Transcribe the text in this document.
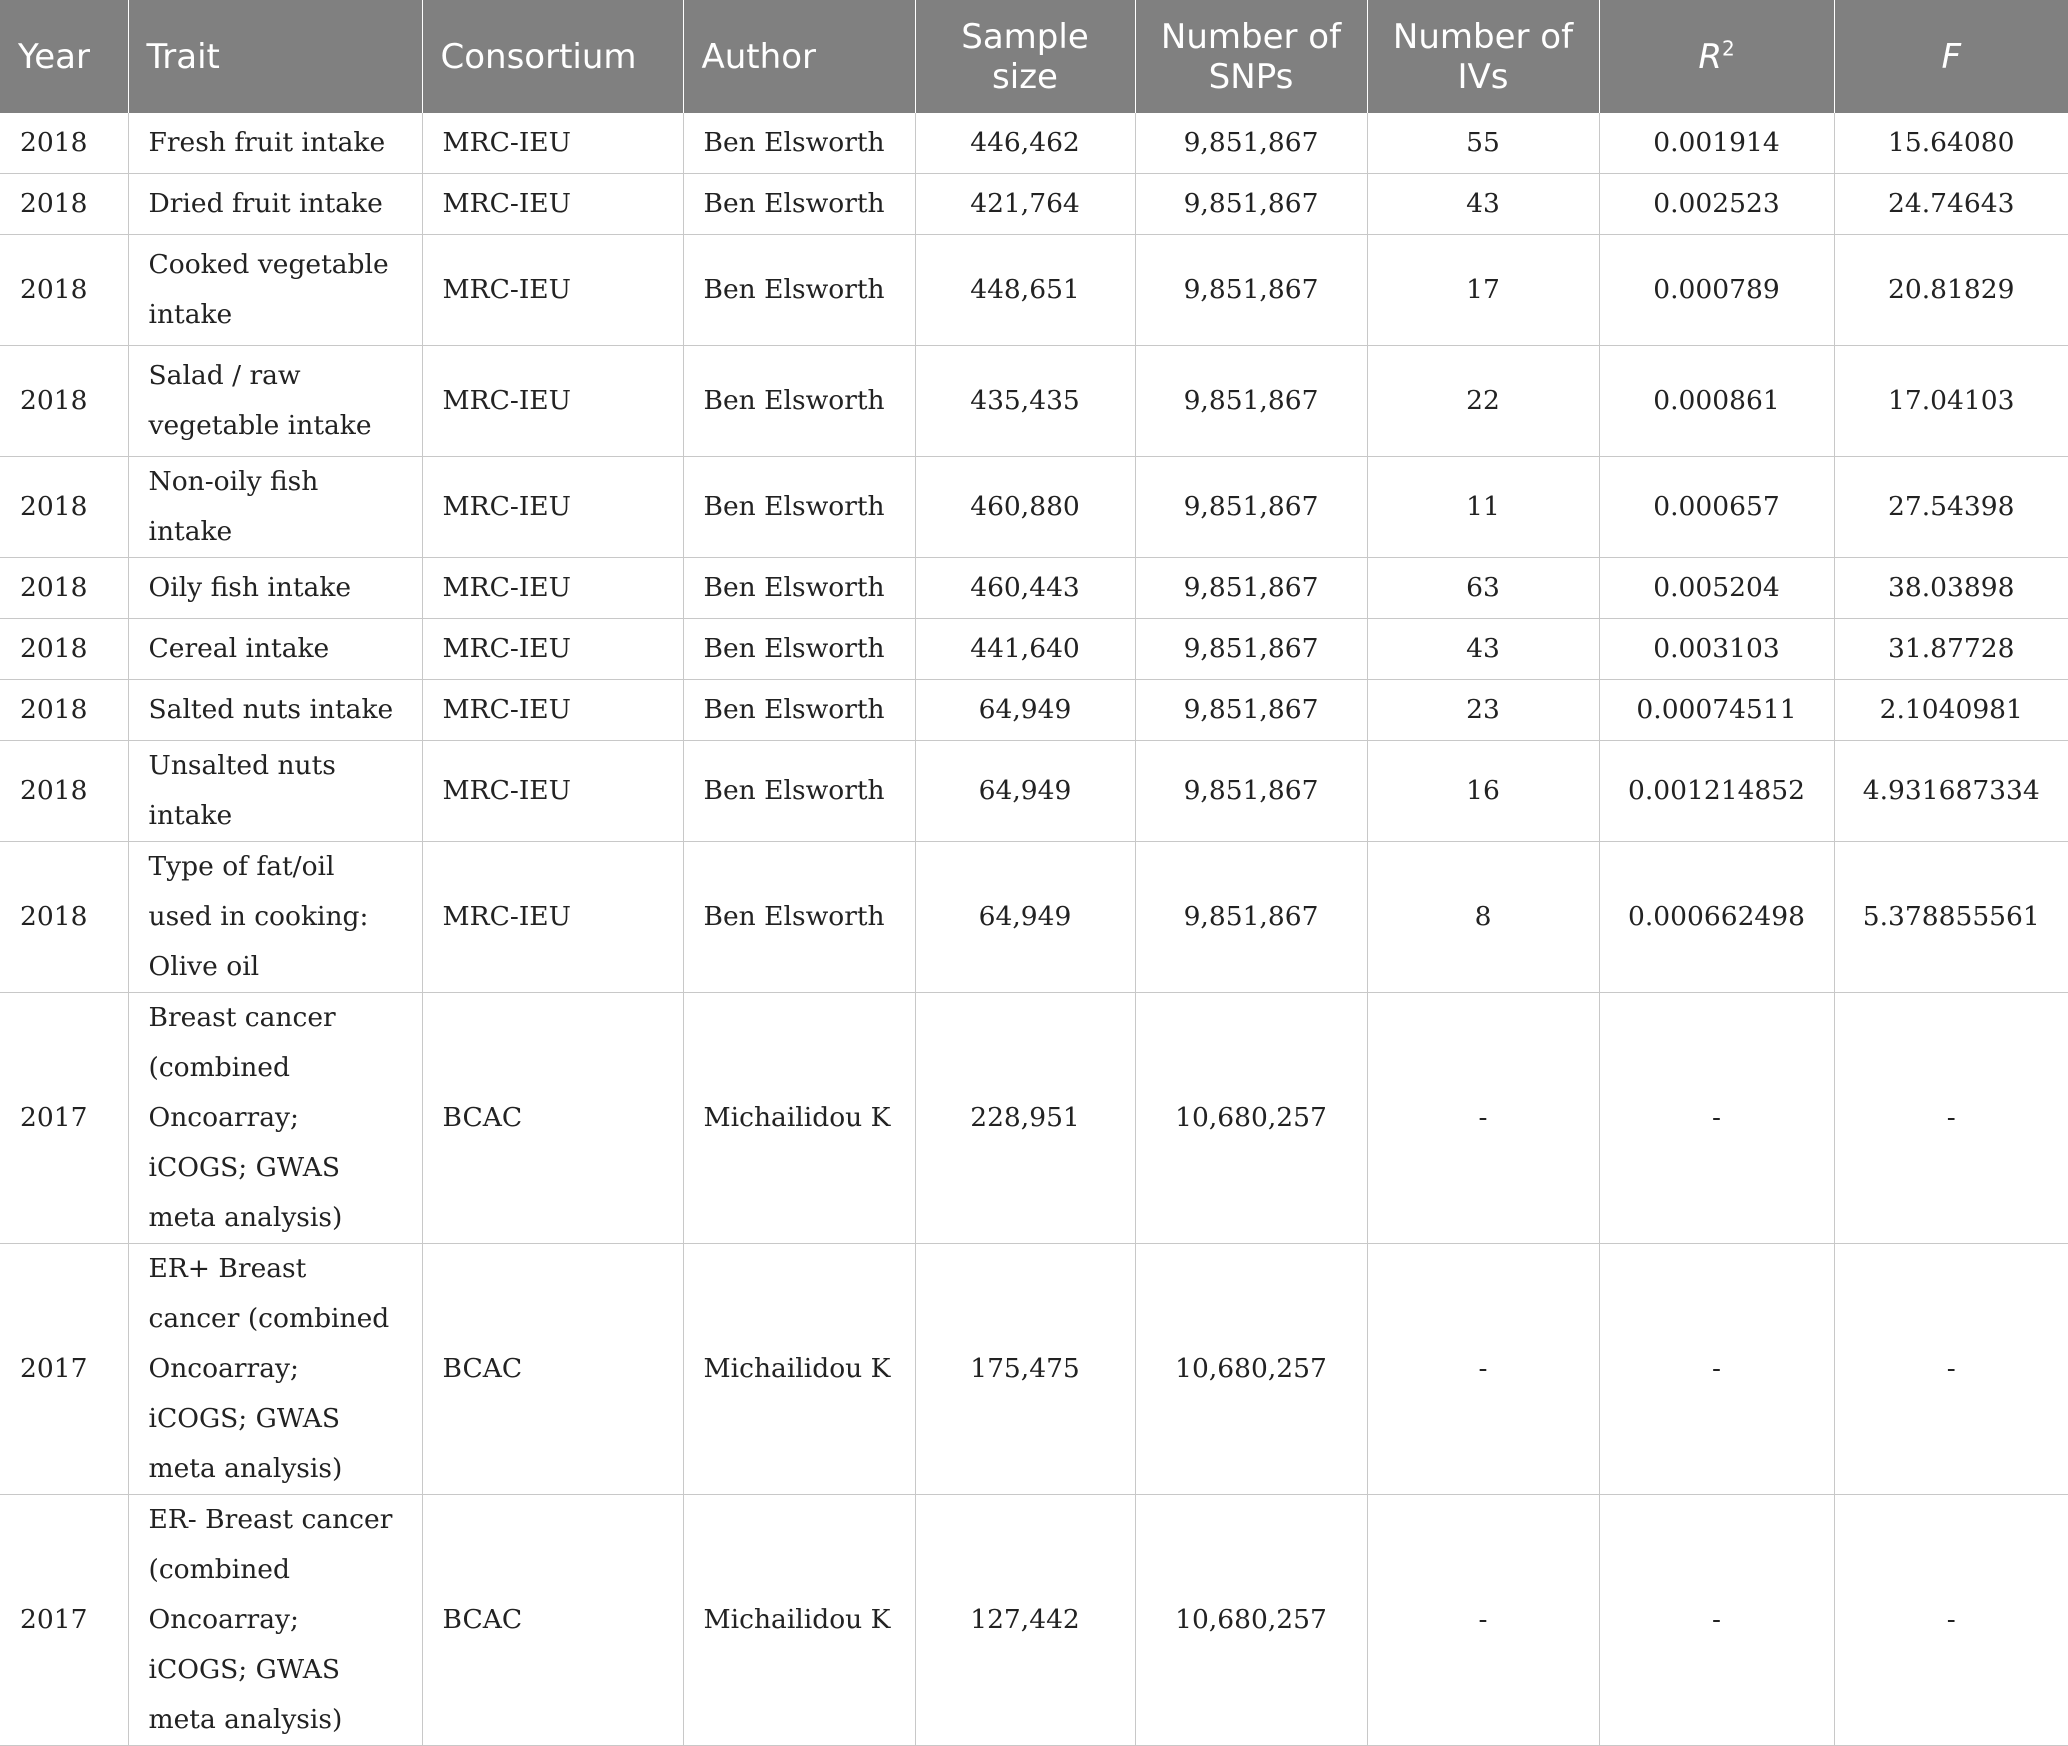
Year	Trait	Consortium	Author	Sample size	Number of SNPs	Number of IVs	$R^2$	F
2018	Fresh fruit intake	MRC-IEU	Ben Elsworth	446,462	9,851,867	55	0.001914	15.64080
2018	Dried fruit intake	MRC-IEU	Ben Elsworth	421,764	9,851,867	43	0.002523	24.74643
2018	Cooked vegetable intake	MRC-IEU	Ben Elsworth	448,651	9,851,867	17	0.000789	20.81829
2018	Salad / raw vegetable intake	MRC-IEU	Ben Elsworth	435,435	9,851,867	22	0.000861	17.04103
2018	Non-oily fish intake	MRC-IEU	Ben Elsworth	460,880	9,851,867	11	0.000657	27.54398
2018	Oily fish intake	MRC-IEU	Ben Elsworth	460,443	9,851,867	63	0.005204	38.03898
2018	Cereal intake	MRC-IEU	Ben Elsworth	441,640	9,851,867	43	0.003103	31.87728
2018	Salted nuts intake	MRC-IEU	Ben Elsworth	64,949	9,851,867	23	0.00074511	2.1040981
2018	Unsalted nuts intake	MRC-IEU	Ben Elsworth	64,949	9,851,867	16	0.001214852	4.931687334
2018	Type of fat/oil used in cooking: Olive oil	MRC-IEU	Ben Elsworth	64,949	9,851,867	8	0.000662498	5.378855561
2017	Breast cancer (combined Oncoarray; iCOGS; GWAS meta analysis)	BCAC	Michailidou K	228,951	10,680,257	-	-	-
2017	ER+ Breast cancer (combined Oncoarray; iCOGS; GWAS meta analysis)	BCAC	Michailidou K	175,475	10,680,257	-	-	-
2017	ER- Breast cancer (combined Oncoarray; iCOGS; GWAS meta analysis)	BCAC	Michailidou K	127,442	10,680,257	-	-	-
